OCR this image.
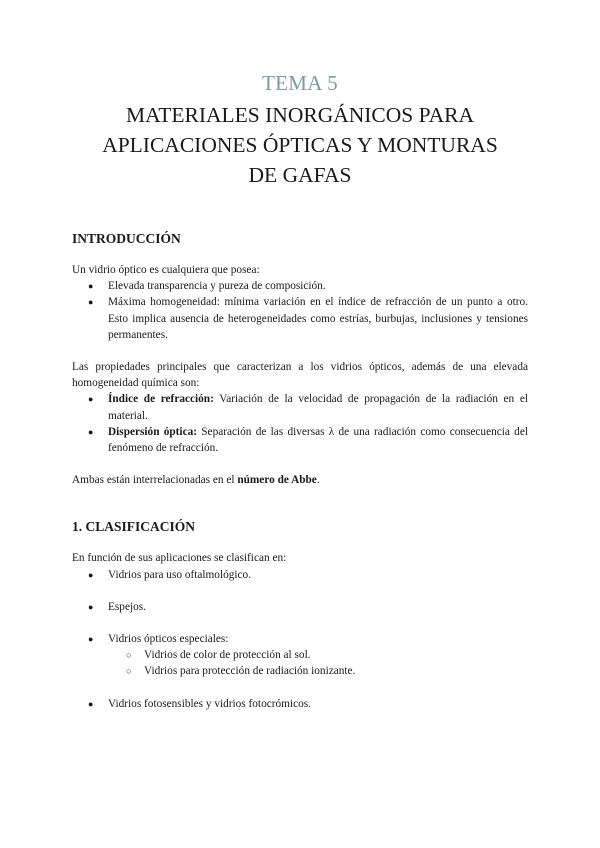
TEMA 5
MATERIALES INORGÁNICOS PARA
APLICACIONES ÓPTICAS Y MONTURAS
DE GAFAS
INTRODUCCIÓN

Un vidrio óptico es cualquiera que posea:

● Elevada transparencia y pureza de composición.
● Máxima homogeneidad: mínima variación en el índice de refracción de un punto a otro. Esto implica ausencia de heterogeneidades como estrías, burbujas, inclusiones y tensiones permanentes.

Las propiedades principales que caracterizan a los vidrios ópticos, además de una elevada homogeneidad química son:

● Índice de refracción: Variación de la velocidad de propagación de la radiación en el material.
● Dispersión óptica: Separación de las diversas λ de una radiación como consecuencia del fenómeno de refracción.

Ambas están interrelacionadas en el número de Abbe.

1. CLASIFICACIÓN

En función de sus aplicaciones se clasifican en:

● Vidrios para uso oftalmológico.
● Espejos.
● Vidrios ópticos especiales:
○ Vidrios de color de protección al sol.
○ Vidrios para protección de radiación ionizante.
● Vidrios fotosensibles y vidrios fotocrómicos.
